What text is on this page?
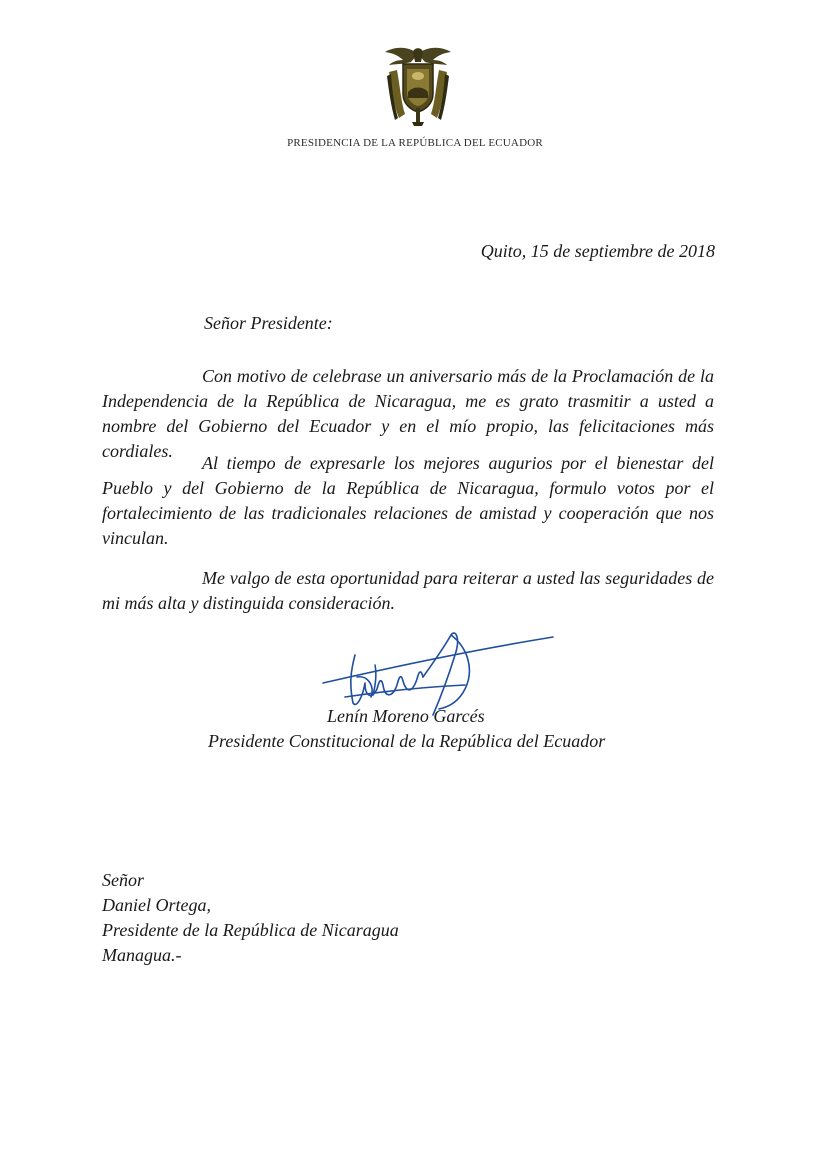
PRESIDENCIA DE LA REPÚBLICA DEL ECUADOR
Quito, 15 de septiembre de 2018
Señor Presidente:

Con motivo de celebrase un aniversario más de la Proclamación de la Independencia de la República de Nicaragua, me es grato trasmitir a usted a nombre del Gobierno del Ecuador y en el mío propio, las felicitaciones más cordiales.

Al tiempo de expresarle los mejores augurios por el bienestar del Pueblo y del Gobierno de la República de Nicaragua, formulo votos por el fortalecimiento de las tradicionales relaciones de amistad y cooperación que nos vinculan.

Me valgo de esta oportunidad para reiterar a usted las seguridades de mi más alta y distinguida consideración.

Lenín Moreno Garcés
Presidente Constitucional de la República del Ecuador
Señor
Daniel Ortega,
Presidente de la República de Nicaragua
Managua.-
